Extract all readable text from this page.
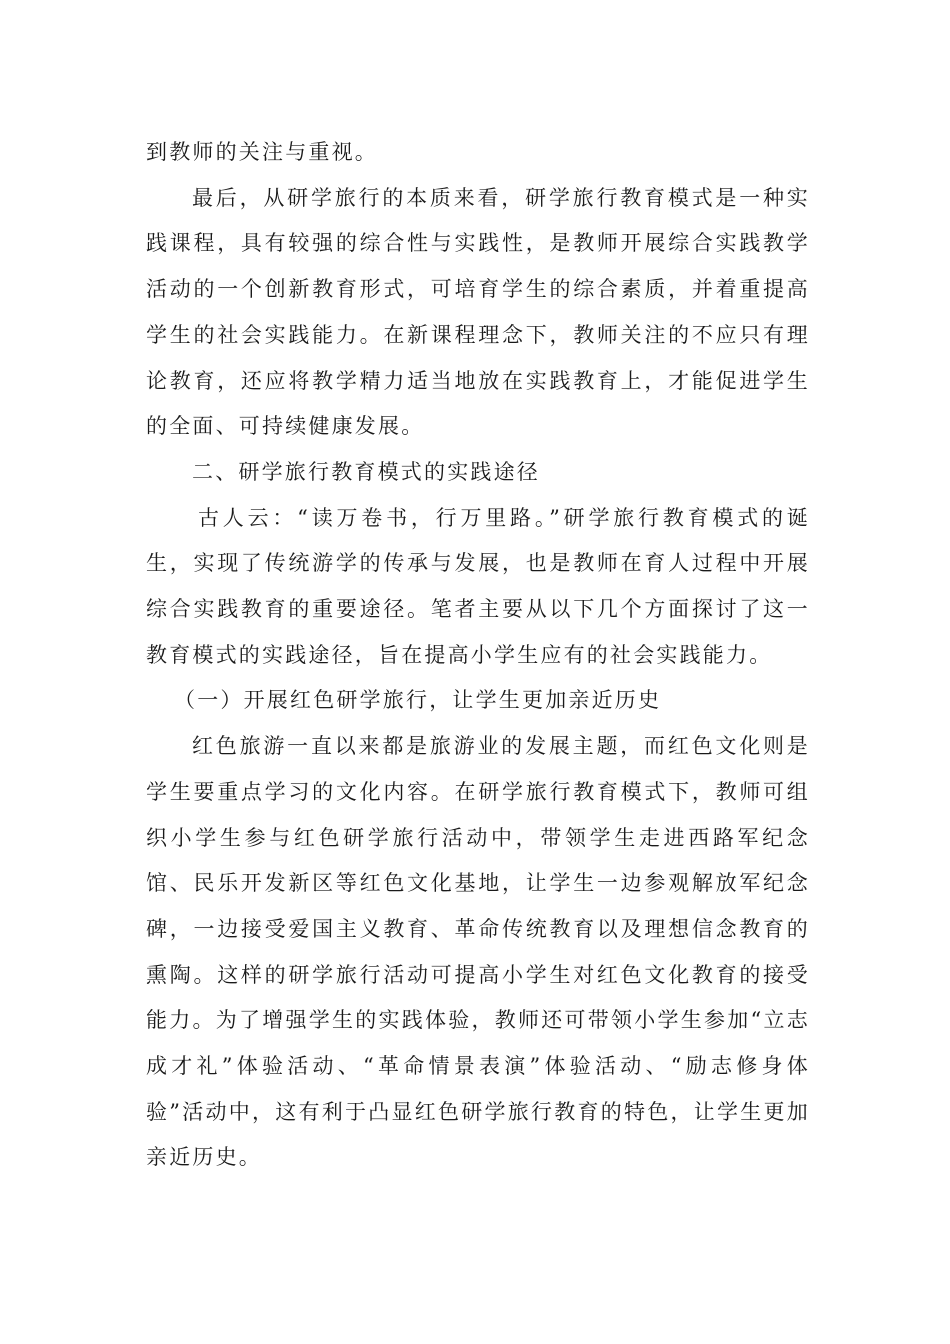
到教师的关注与重视。

最后，从研学旅行的本质来看，研学旅行教育模式是一种实践课程，具有较强的综合性与实践性，是教师开展综合实践教学活动的一个创新教育形式，可培育学生的综合素质，并着重提高学生的社会实践能力。在新课程理念下，教师关注的不应只有理论教育，还应将教学精力适当地放在实践教育上，才能促进学生的全面、可持续健康发展。

二、研学旅行教育模式的实践途径

古人云：“读万卷书，行万里路。”研学旅行教育模式的诞生，实现了传统游学的传承与发展，也是教师在育人过程中开展综合实践教育的重要途径。笔者主要从以下几个方面探讨了这一教育模式的实践途径，旨在提高小学生应有的社会实践能力。

（一）开展红色研学旅行，让学生更加亲近历史

红色旅游一直以来都是旅游业的发展主题，而红色文化则是学生要重点学习的文化内容。在研学旅行教育模式下，教师可组织小学生参与红色研学旅行活动中，带领学生走进西路军纪念馆、民乐开发新区等红色文化基地，让学生一边参观解放军纪念碑，一边接受爱国主义教育、革命传统教育以及理想信念教育的熏陶。这样的研学旅行活动可提高小学生对红色文化教育的接受能力。为了增强学生的实践体验，教师还可带领小学生参加“立志成才礼”体验活动、“革命情景表演”体验活动、“励志修身体验”活动中，这有利于凸显红色研学旅行教育的特色，让学生更加亲近历史。
